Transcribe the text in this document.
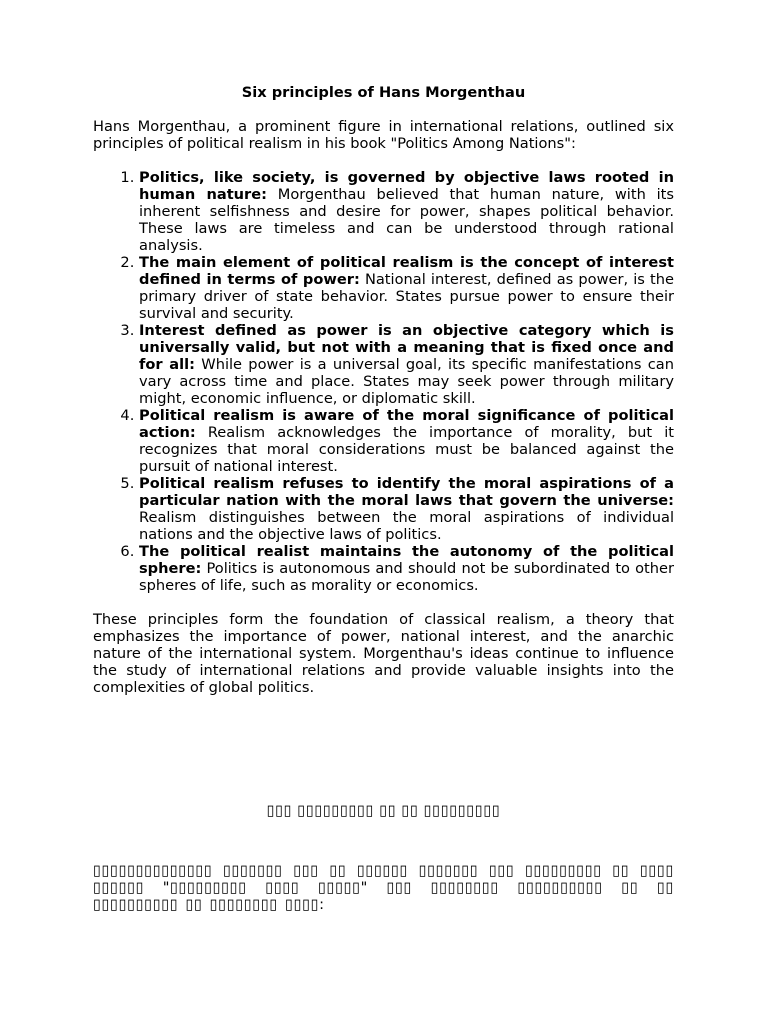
Six principles of Hans Morgenthau

Hans Morgenthau, a prominent figure in international relations, outlined six principles of political realism in his book "Politics Among Nations":

1. Politics, like society, is governed by objective laws rooted in human nature: Morgenthau believed that human nature, with its inherent selfishness and desire for power, shapes political behavior. These laws are timeless and can be understood through rational analysis.
2. The main element of political realism is the concept of interest defined in terms of power: National interest, defined as power, is the primary driver of state behavior. States pursue power to ensure their survival and security.
3. Interest defined as power is an objective category which is universally valid, but not with a meaning that is fixed once and for all: While power is a universal goal, its specific manifestations can vary across time and place. States may seek power through military might, economic influence, or diplomatic skill.
4. Political realism is aware of the moral significance of political action: Realism acknowledges the importance of morality, but it recognizes that moral considerations must be balanced against the pursuit of national interest.
5. Political realism refuses to identify the moral aspirations of a particular nation with the moral laws that govern the universe: Realism distinguishes between the moral aspirations of individual nations and the objective laws of politics.
6. The political realist maintains the autonomy of the political sphere: Politics is autonomous and should not be subordinated to other spheres of life, such as morality or economics.

These principles form the foundation of classical realism, a theory that emphasizes the importance of power, national interest, and the anarchic nature of the international system. Morgenthau's ideas continue to influence the study of international relations and provide valuable insights into the complexities of global politics.

▯▯▯ ▯▯▯▯▯▯▯▯▯ ▯▯ ▯▯ ▯▯▯▯▯▯▯▯▯
▯▯▯▯▯▯▯▯▯▯▯▯▯▯ ▯▯▯▯▯▯▯ ▯▯▯ ▯▯ ▯▯▯▯▯▯ ▯▯▯▯▯▯▯ ▯▯▯ ▯▯▯▯▯▯▯▯▯ ▯▯ ▯▯▯▯ ▯▯▯▯▯▯ "▯▯▯▯▯▯▯▯▯ ▯▯▯▯ ▯▯▯▯▯" ▯▯▯ ▯▯▯▯▯▯▯▯ ▯▯▯▯▯▯▯▯▯▯ ▯▯ ▯▯ ▯▯▯▯▯▯▯▯▯▯ ▯▯ ▯▯▯▯▯▯▯▯ ▯▯▯▯:
